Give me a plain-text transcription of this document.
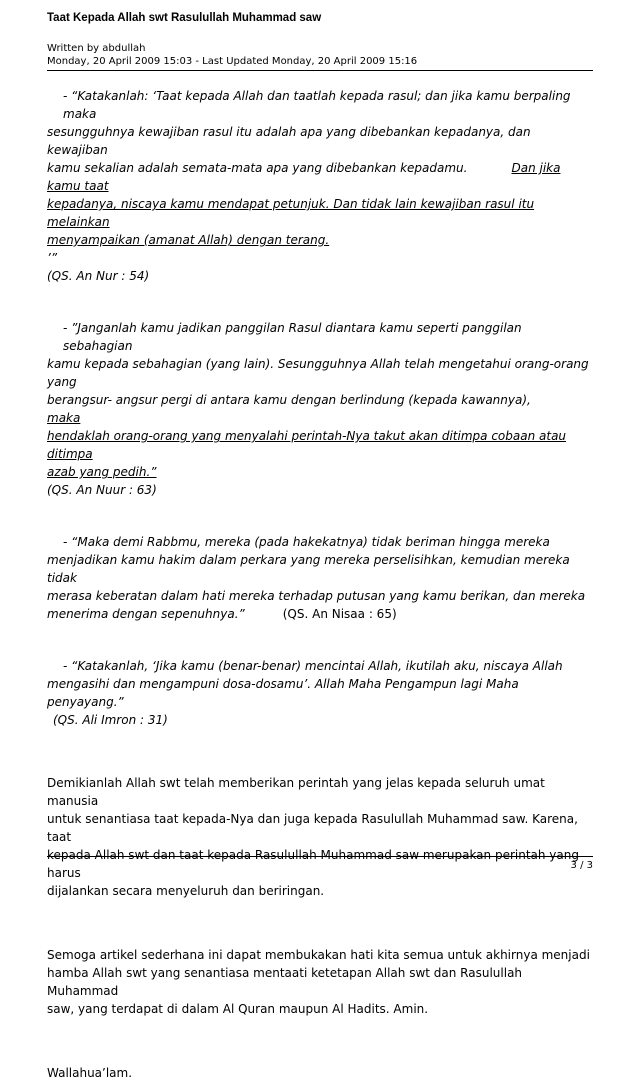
Taat Kepada Allah swt Rasulullah Muhammad saw
Written by abdullah
Monday, 20 April 2009 15:03 - Last Updated Monday, 20 April 2009 15:16

- “Katakanlah: ‘Taat kepada Allah dan taatlah kepada rasul; dan jika kamu berpaling maka

sesungguhnya kewajiban rasul itu adalah apa yang dibebankan kepadanya, dan kewajiban

kamu sekalian adalah semata-mata apa yang dibebankan kepadamu.	Dan jika kamu taat

kepadanya, niscaya kamu mendapat petunjuk. Dan tidak lain kewajiban rasul itu melainkan

menyampaikan (amanat Allah) dengan terang.

’”

(QS. An Nur : 54)

- ”Janganlah kamu jadikan panggilan Rasul diantara kamu seperti panggilan sebahagian

kamu kepada sebahagian (yang lain). Sesungguhnya Allah telah mengetahui orang-orang yang

berangsur- angsur pergi di antara kamu dengan berlindung (kepada kawannya),maka

hendaklah orang-orang yang menyalahi perintah-Nya takut akan ditimpa cobaan atau ditimpa

azab yang pedih.”

(QS. An Nuur : 63)

- “Maka demi Rabbmu, mereka (pada hakekatnya) tidak beriman hingga mereka

menjadikan kamu hakim dalam perkara yang mereka perselisihkan, kemudian mereka tidak

merasa keberatan dalam hati mereka terhadap putusan yang kamu berikan, dan mereka

menerima dengan sepenuhnya.”	(QS. An Nisaa : 65)

- “Katakanlah, ‘Jika kamu (benar-benar) mencintai Allah, ikutilah aku, niscaya Allah

mengasihi dan mengampuni dosa-dosamu’. Allah Maha Pengampun lagi Maha penyayang.”

(QS. Ali Imron : 31)

Demikianlah Allah swt telah memberikan perintah yang jelas kepada seluruh umat manusia

untuk senantiasa taat kepada-Nya dan juga kepada Rasulullah Muhammad saw. Karena, taat

kepada Allah swt dan taat kepada Rasulullah Muhammad saw merupakan perintah yang harus

dijalankan secara menyeluruh dan beriringan.

Semoga artikel sederhana ini dapat membukakan hati kita semua untuk akhirnya menjadi

hamba Allah swt yang senantiasa mentaati ketetapan Allah swt dan Rasulullah Muhammad

saw, yang terdapat di dalam Al Quran maupun Al Hadits. Amin.

Wallahua’lam.

3 / 3
